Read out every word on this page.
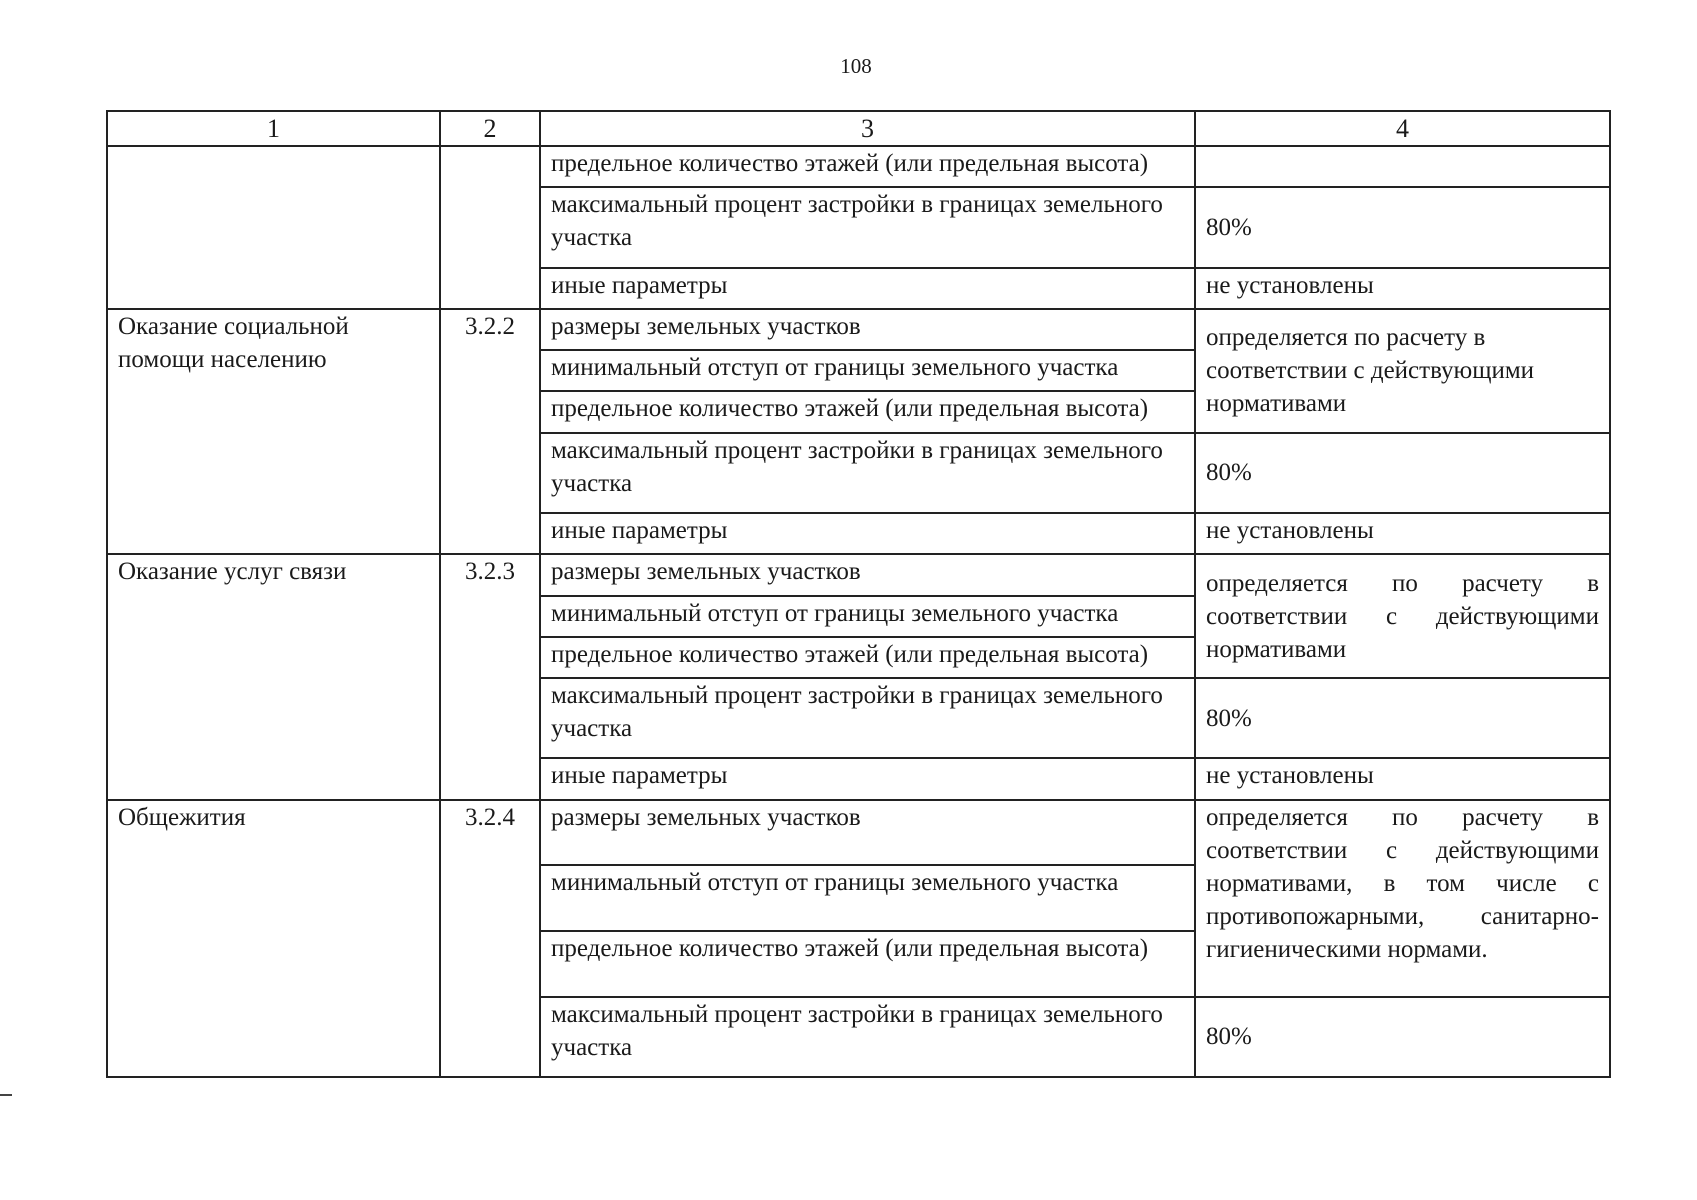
108
1	2	3	4
		предельное количество этажей (или предельная высота)	
		максимальный процент застройки в границах земельного участка	80%
		иные параметры	не установлены
Оказание социальной помощи населению	3.2.2	размеры земельных участков	определяется по расчету в соответствии с действующими нормативами
		минимальный отступ от границы земельного участка	
		предельное количество этажей (или предельная высота)	
		максимальный процент застройки в границах земельного участка	80%
		иные параметры	не установлены
Оказание услуг связи	3.2.3	размеры земельных участков	определяется по расчету в соответствии с действующими нормативами
		минимальный отступ от границы земельного участка	
		предельное количество этажей (или предельная высота)	
		максимальный процент застройки в границах земельного участка	80%
		иные параметры	не установлены
Общежития	3.2.4	размеры земельных участков	определяется по расчету в соответствии с действующими нормативами, в том числе с противопожарными, санитарно-гигиеническими нормами.
		минимальный отступ от границы земельного участка	
		предельное количество этажей (или предельная высота)	
		максимальный процент застройки в границах земельного участка	80%
